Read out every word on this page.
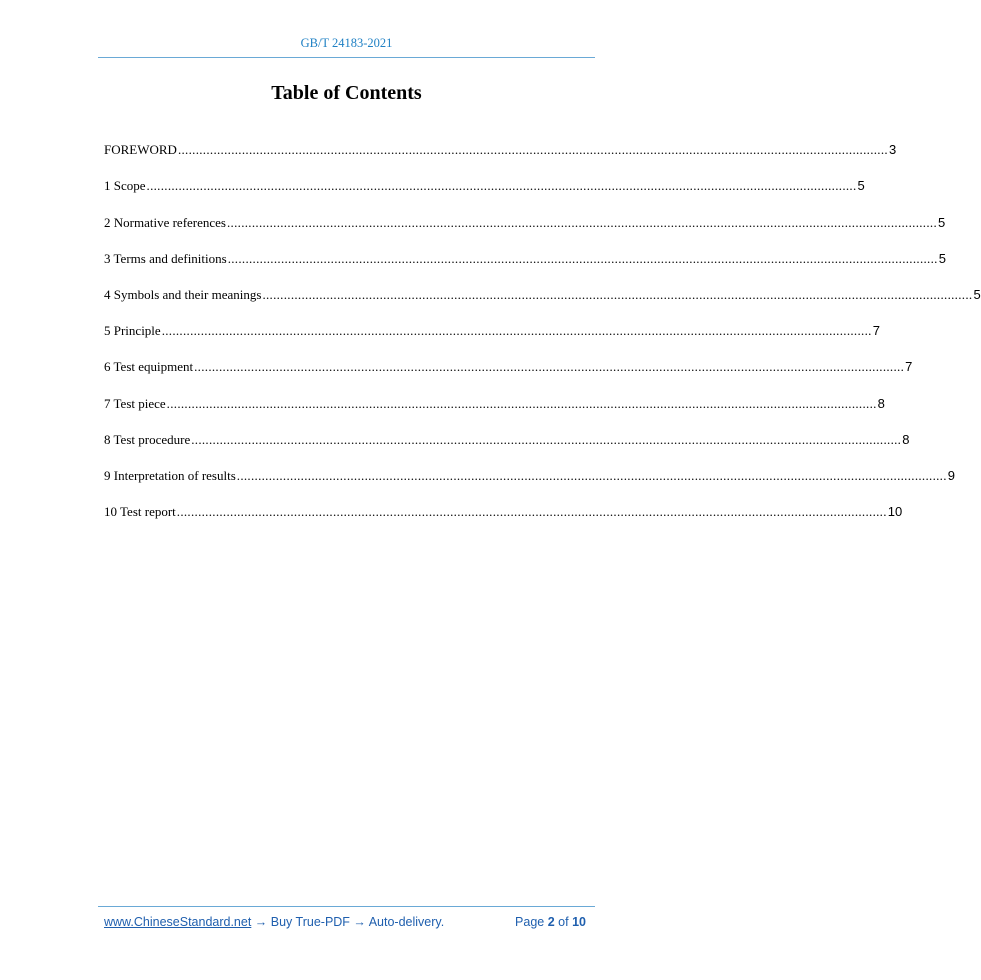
GB/T 24183-2021
Table of Contents
FOREWORD ........................................................................................................................................................................................................ 3
1 Scope ........................................................................................................................................................................................................ 5
2 Normative references ........................................................................................................................................................................................................ 5
3 Terms and definitions ........................................................................................................................................................................................................ 5
4 Symbols and their meanings ........................................................................................................................................................................................................ 5
5 Principle ........................................................................................................................................................................................................ 7
6 Test equipment ........................................................................................................................................................................................................ 7
7 Test piece ........................................................................................................................................................................................................ 8
8 Test procedure ........................................................................................................................................................................................................ 8
9 Interpretation of results ........................................................................................................................................................................................................ 9
10 Test report ........................................................................................................................................................................................................ 10
www.ChineseStandard.net → Buy True-PDF → Auto-delivery.	Page 2 of 10
